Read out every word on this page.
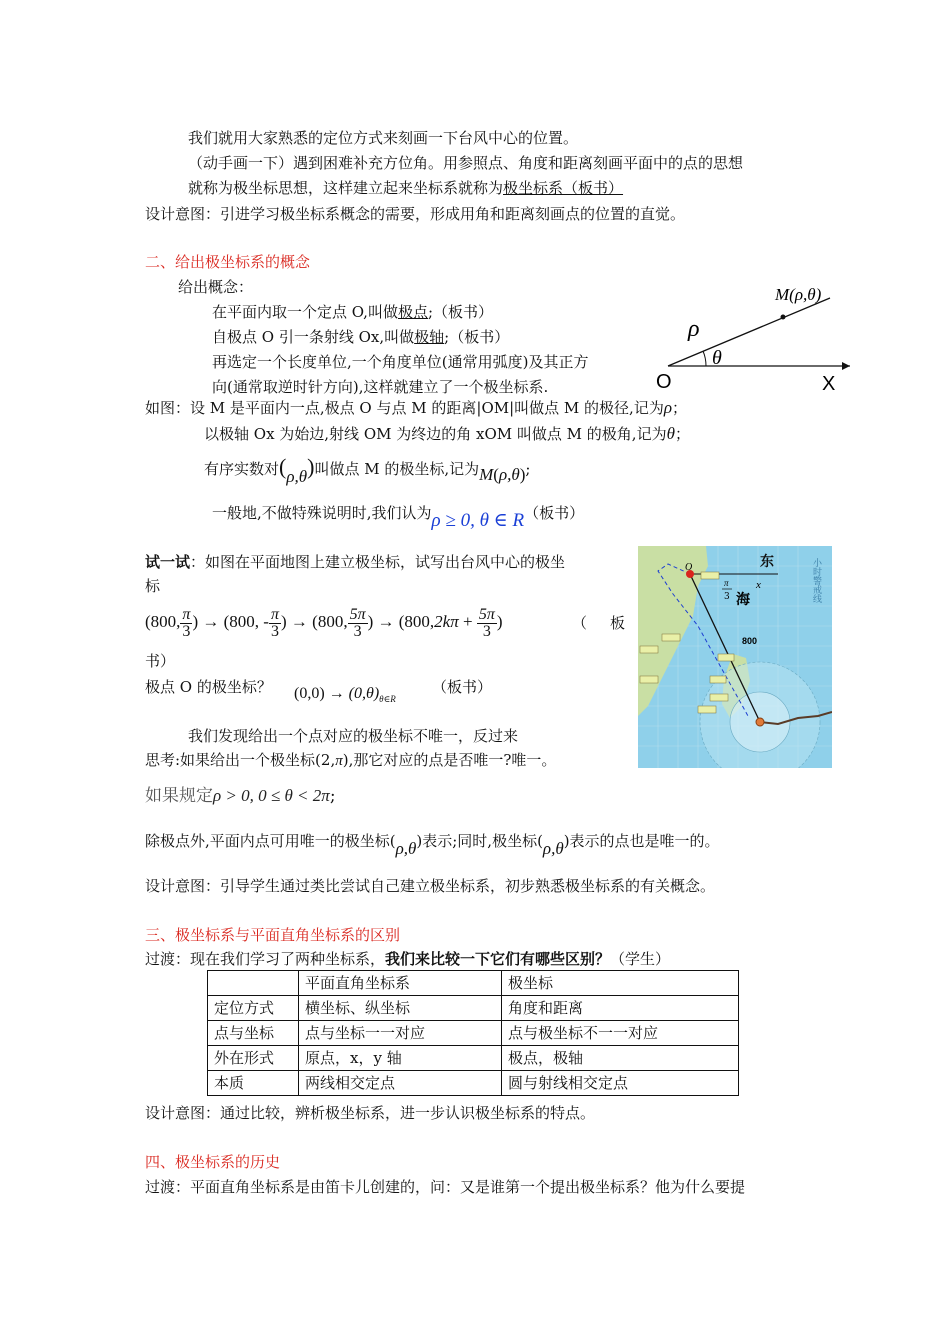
我们就用大家熟悉的定位方式来刻画一下台风中心的位置。
（动手画一下）遇到困难补充方位角。用参照点、角度和距离刻画平面中的点的思想
就称为极坐标思想，这样建立起来坐标系就称为极坐标系（板书）
设计意图：引进学习极坐标系概念的需要，形成用角和距离刻画点的位置的直觉。
二、给出极坐标系的概念
给出概念：
在平面内取一个定点 O,叫做极点;（板书）
自极点 O 引一条射线 Ox,叫做极轴;（板书）
再选定一个长度单位,一个角度单位(通常用弧度)及其正方
向(通常取逆时针方向),这样就建立了一个极坐标系.
M(ρ,θ)
ρ
θ
O	X
如图：设 M 是平面内一点,极点 O 与点 M 的距离|OM|叫做点 M 的极径,记为ρ；
以极轴 Ox 为始边,射线 OM 为终边的角 xOM 叫做点 M 的极角,记为θ；
有序实数对(ρ,θ)叫做点 M 的极坐标,记为M(ρ,θ);
一般地,不做特殊说明时,我们认为ρ ≥ 0, θ ∈ R（板书）
试一试：如图在平面地图上建立极坐标，试写出台风中心的极坐
标
(800, $\frac{\pi}{3}$ ) → (800, - $\frac{\pi}{3}$ ) → (800, $\frac{5\pi}{3}$ ) → ($800,2k\pi + \frac{5\pi}{3}$ )	（ 板
书）
极点 O 的极坐标？ $(0,0) \to (0,\theta)_{\theta\in R}$
（板书）
我们发现给出一个点对应的极坐标不唯一，反过来
思考:如果给出一个极坐标(2,π),那它对应的点是否唯一?唯一。
如果规定ρ > 0, 0 ≤ θ < 2π;
除极点外,平面内点可用唯一的极坐标(ρ,θ)表示;同时,极坐标(ρ,θ)表示的点也是唯一的。
设计意图：引导学生通过类比尝试自己建立极坐标系，初步熟悉极坐标系的有关概念。
O	东
x
π
3 海
800
小时警戒线
三、极坐标系与平面直角坐标系的区别
过渡：现在我们学习了两种坐标系，我们来比较一下它们有哪些区别？（学生）
	平面直角坐标系	极坐标
定位方式	横坐标、纵坐标	角度和距离
点与坐标	点与坐标一一对应	点与极坐标不一一对应
外在形式	原点，x，y 轴	极点，极轴
本质	两线相交定点	圆与射线相交定点
设计意图：通过比较，辨析极坐标系，进一步认识极坐标系的特点。
四、极坐标系的历史
过渡：平面直角坐标系是由笛卡儿创建的，问：又是谁第一个提出极坐标系？他为什么要提
